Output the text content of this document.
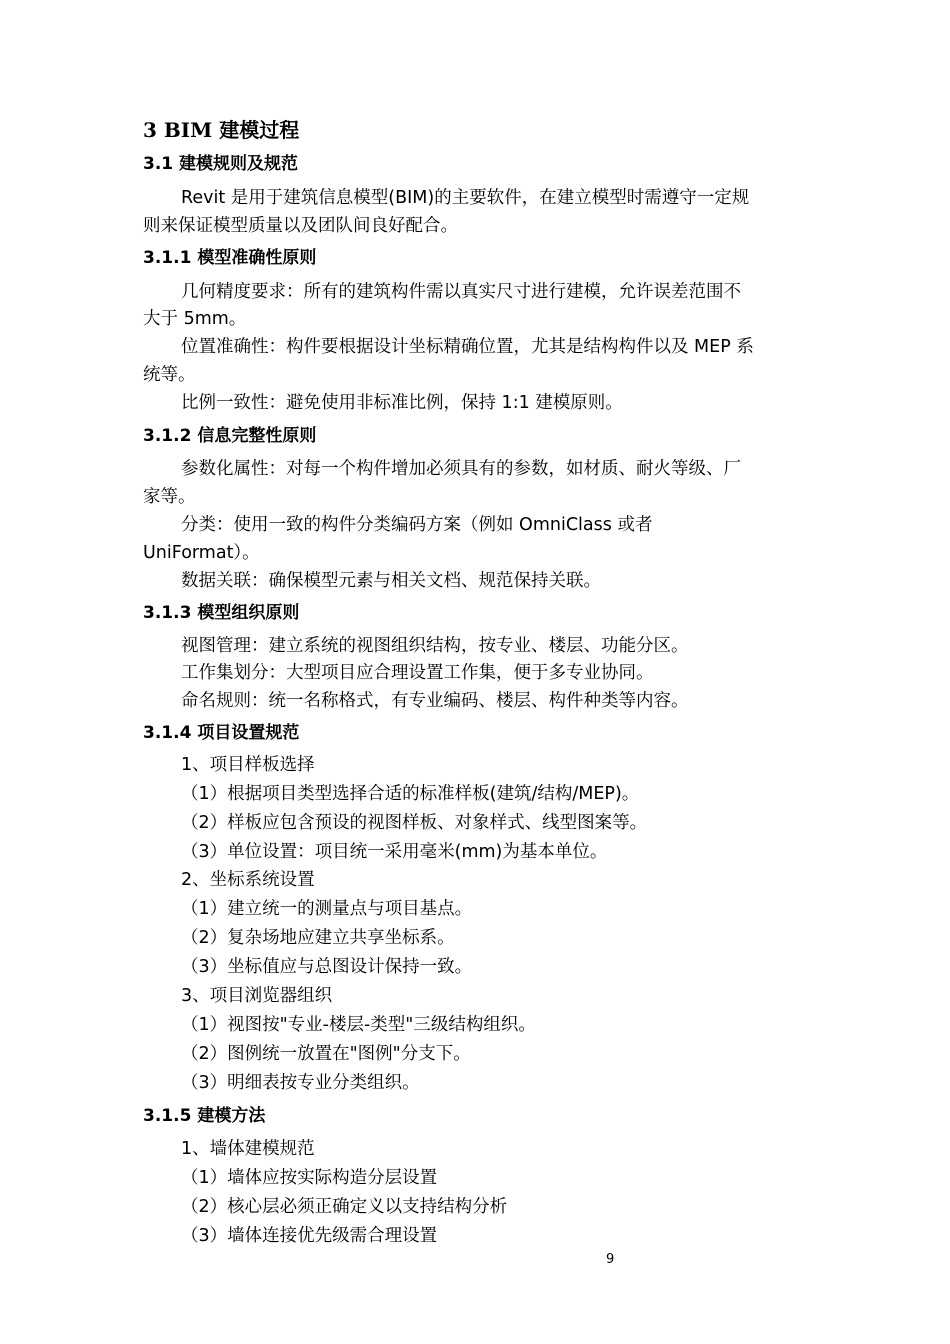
3 BIM 建模过程
3.1 建模规则及规范
Revit 是用于建筑信息模型(BIM)的主要软件，在建立模型时需遵守一定规
则来保证模型质量以及团队间良好配合。
3.1.1 模型准确性原则
几何精度要求：所有的建筑构件需以真实尺寸进行建模，允许误差范围不
大于 5mm。
位置准确性：构件要根据设计坐标精确位置，尤其是结构构件以及 MEP 系
统等。
比例一致性：避免使用非标准比例，保持 1:1 建模原则。
3.1.2 信息完整性原则
参数化属性：对每一个构件增加必须具有的参数，如材质、耐火等级、厂
家等。
分类：使用一致的构件分类编码方案（例如 OmniClass 或者
UniFormat）。
数据关联：确保模型元素与相关文档、规范保持关联。
3.1.3 模型组织原则
视图管理：建立系统的视图组织结构，按专业、楼层、功能分区。
工作集划分：大型项目应合理设置工作集，便于多专业协同。
命名规则：统一名称格式，有专业编码、楼层、构件种类等内容。
3.1.4 项目设置规范
1、项目样板选择
（1）根据项目类型选择合适的标准样板(建筑/结构/MEP)。
（2）样板应包含预设的视图样板、对象样式、线型图案等。
（3）单位设置：项目统一采用毫米(mm)为基本单位。
2、坐标系统设置
（1）建立统一的测量点与项目基点。
（2）复杂场地应建立共享坐标系。
（3）坐标值应与总图设计保持一致。
3、项目浏览器组织
（1）视图按"专业-楼层-类型"三级结构组织。
（2）图例统一放置在"图例"分支下。
（3）明细表按专业分类组织。
3.1.5 建模方法
1、墙体建模规范
（1）墙体应按实际构造分层设置
（2）核心层必须正确定义以支持结构分析
（3）墙体连接优先级需合理设置
9
